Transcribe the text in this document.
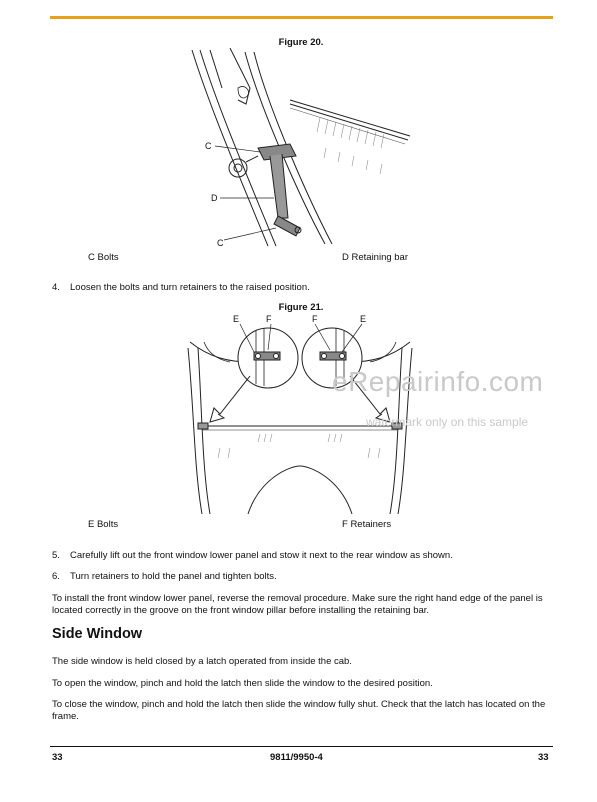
Figure 20.
C
D
C
C Bolts	D Retaining bar
4. Loosen the bolts and turn retainers to the raised position.
Figure 21.
E	F	F	E
eRepairinfo.com
watermark only on this sample
E Bolts	F Retainers
5. Carefully lift out the front window lower panel and stow it next to the rear window as shown.
6. Turn retainers to hold the panel and tighten bolts.
To install the front window lower panel, reverse the removal procedure. Make sure the right hand edge of the panel is located correctly in the groove on the front window pillar before installing the retaining bar.
Side Window
The side window is held closed by a latch operated from inside the cab.
To open the window, pinch and hold the latch then slide the window to the desired position.
To close the window, pinch and hold the latch then slide the window fully shut. Check that the latch has located on the frame.
33	9811/9950-4	33
